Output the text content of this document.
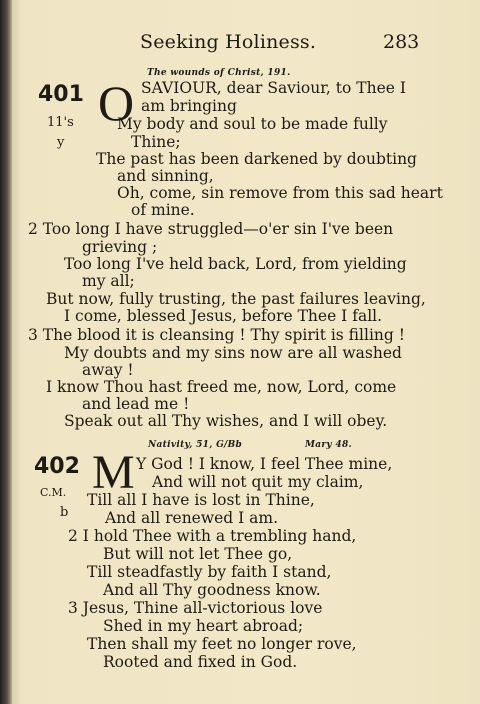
Seeking Holiness.	283
The wounds of Christ, 191.
401
11's
y
O SAVIOUR, dear Saviour, to Thee I
am bringing
My body and soul to be made fully
Thine;
The past has been darkened by doubting
and sinning,
Oh, come, sin remove from this sad heart
of mine.
2 Too long I have struggled—o'er sin I've been
grieving ;
Too long I've held back, Lord, from yielding
my all;
But now, fully trusting, the past failures leaving,
I come, blessed Jesus, before Thee I fall.
3 The blood it is cleansing ! Thy spirit is filling !
My doubts and my sins now are all washed
away !
I know Thou hast freed me, now, Lord, come
and lead me !
Speak out all Thy wishes, and I will obey.
Nativity, 51, G/Bb	Mary 48.
402
C.M.
b
M Y God ! I know, I feel Thee mine,
And will not quit my claim,
Till all I have is lost in Thine,
And all renewed I am.
2 I hold Thee with a trembling hand,
But will not let Thee go,
Till steadfastly by faith I stand,
And all Thy goodness know.
3 Jesus, Thine all-victorious love
Shed in my heart abroad;
Then shall my feet no longer rove,
Rooted and fixed in God.
